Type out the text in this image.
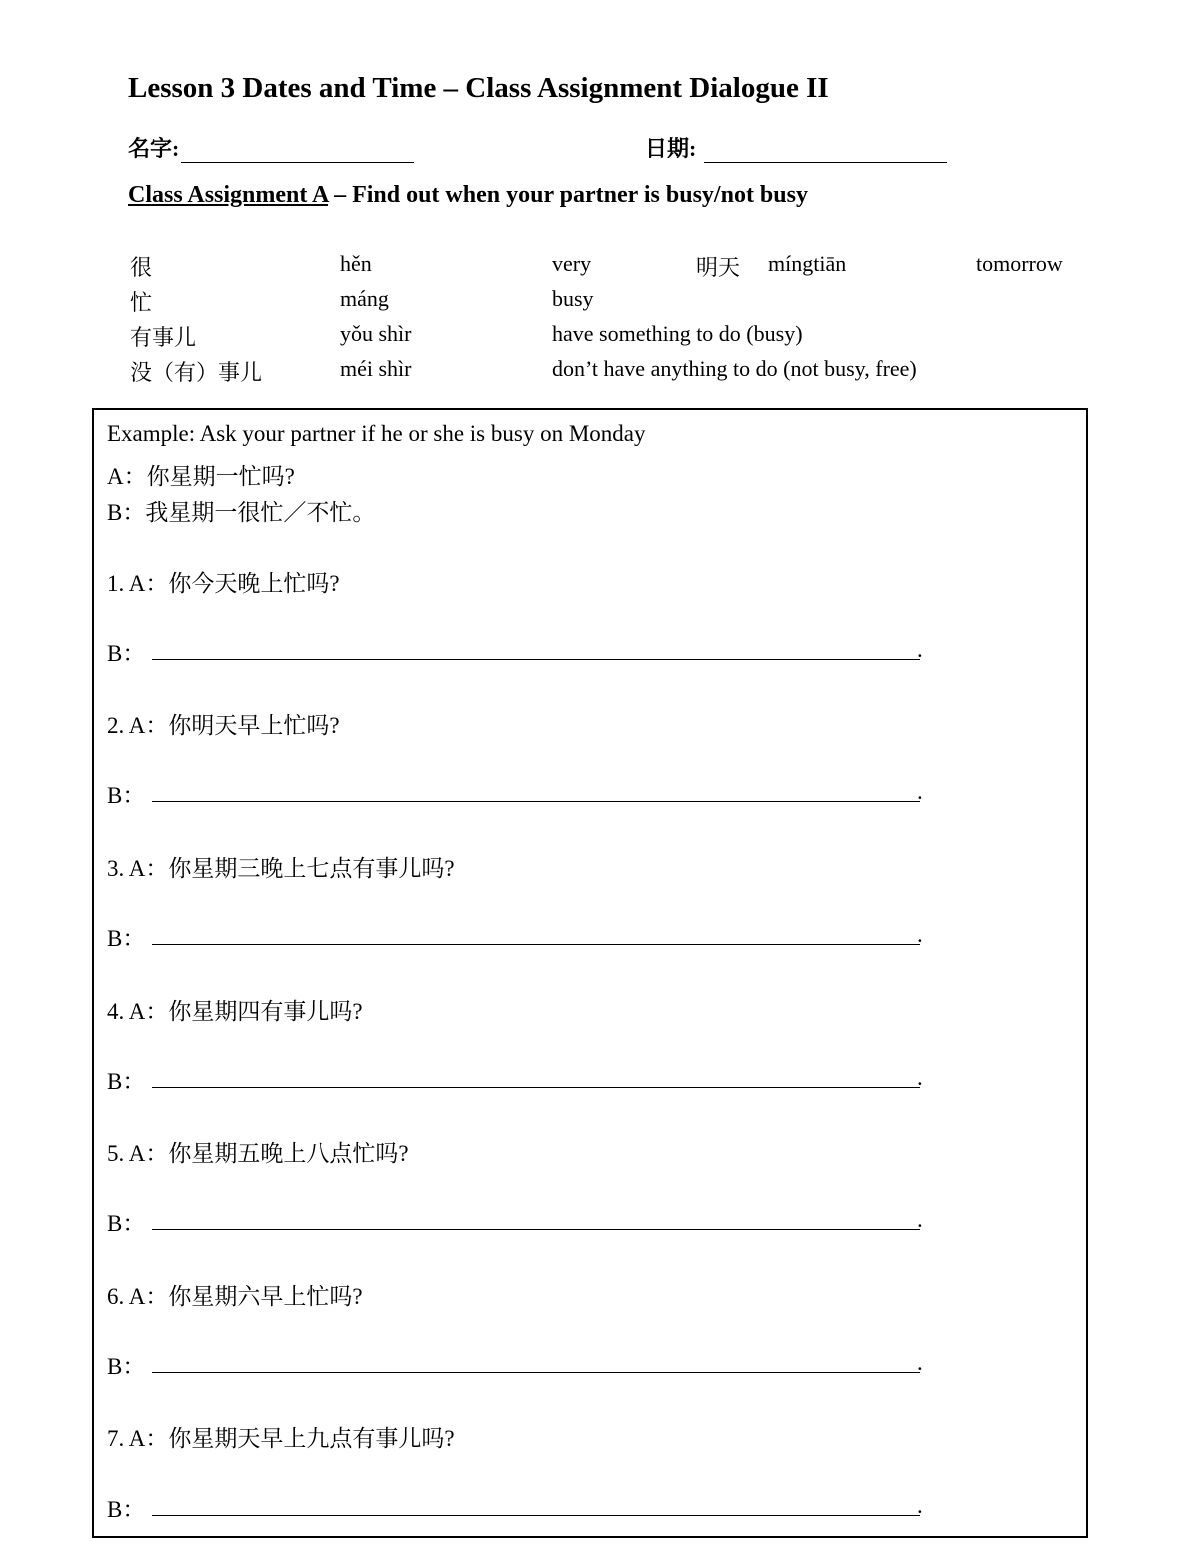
Lesson 3 Dates and Time – Class Assignment Dialogue II
名字:	日期:
Class Assignment A – Find out when your partner is busy/not busy
很	hěn	very	明天 míngtiān	tomorrow
忙	máng	busy
有事儿	yǒu shìr	have something to do (busy)
没（有）事儿	méi shìr	don’t have anything to do (not busy, free)
Example: Ask your partner if he or she is busy on Monday
A：你星期一忙吗?
B：我星期一很忙／不忙。
1. A：你今天晚上忙吗?
B：	.
2. A：你明天早上忙吗?
B：	.
3. A：你星期三晚上七点有事儿吗?
B：	.
4. A：你星期四有事儿吗?
B：	.
5. A：你星期五晚上八点忙吗?
B：	.
6. A：你星期六早上忙吗?
B：	.
7. A：你星期天早上九点有事儿吗?
B：	.
